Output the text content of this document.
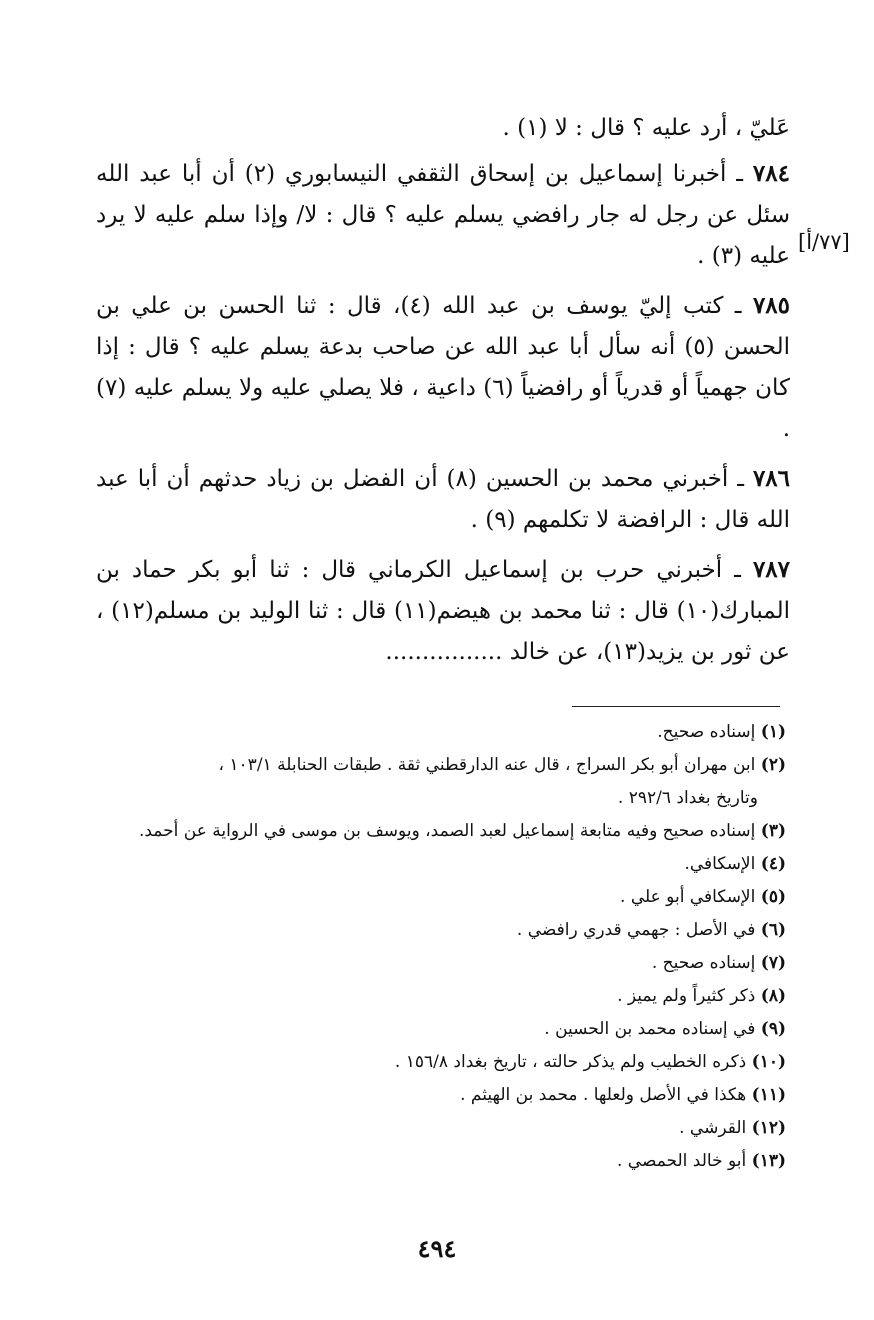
[٧٧/أ]

عَليّ ، أرد عليه ؟ قال : لا (١) .

٧٨٤ ـ أخبرنا إسماعيل بن إسحاق الثقفي النيسابوري (٢) أن أبا عبد الله سئل عن رجل له جار رافضي يسلم عليه ؟ قال : لا/ وإذا سلم عليه لا يرد عليه (٣) .

٧٨٥ ـ كتب إليّ يوسف بن عبد الله (٤)، قال : ثنا الحسن بن علي بن الحسن (٥) أنه سأل أبا عبد الله عن صاحب بدعة يسلم عليه ؟ قال : إذا كان جهمياً أو قدرياً أو رافضياً (٦) داعية ، فلا يصلي عليه ولا يسلم عليه (٧) .

٧٨٦ ـ أخبرني محمد بن الحسين (٨) أن الفضل بن زياد حدثهم أن أبا عبد الله قال : الرافضة لا تكلمهم (٩) .

٧٨٧ ـ أخبرني حرب بن إسماعيل الكرماني قال : ثنا أبو بكر حماد بن المبارك(١٠) قال : ثنا محمد بن هيضم(١١) قال : ثنا الوليد بن مسلم(١٢) ، عن ثور بن يزيد(١٣)، عن خالد ................

(١) إسناده صحيح.

(٢) ابن مهران أبو بكر السراج ، قال عنه الدارقطني ثقة . طبقات الحنابلة ١٠٣/١ ،

وتاريخ بغداد ٢٩٢/٦ .

(٣) إسناده صحيح وفيه متابعة إسماعيل لعبد الصمد، ويوسف بن موسى في الرواية عن أحمد.

(٤) الإسكافي.

(٥) الإسكافي أبو علي .

(٦) في الأصل : جهمي قدري رافضي .

(٧) إسناده صحيح .

(٨) ذكر كثيراً ولم يميز .

(٩) في إسناده محمد بن الحسين .

(١٠) ذكره الخطيب ولم يذكر حالته ، تاريخ بغداد ١٥٦/٨ .

(١١) هكذا في الأصل ولعلها . محمد بن الهيثم .

(١٢) القرشي .

(١٣) أبو خالد الحمصي .

٤٩٤
